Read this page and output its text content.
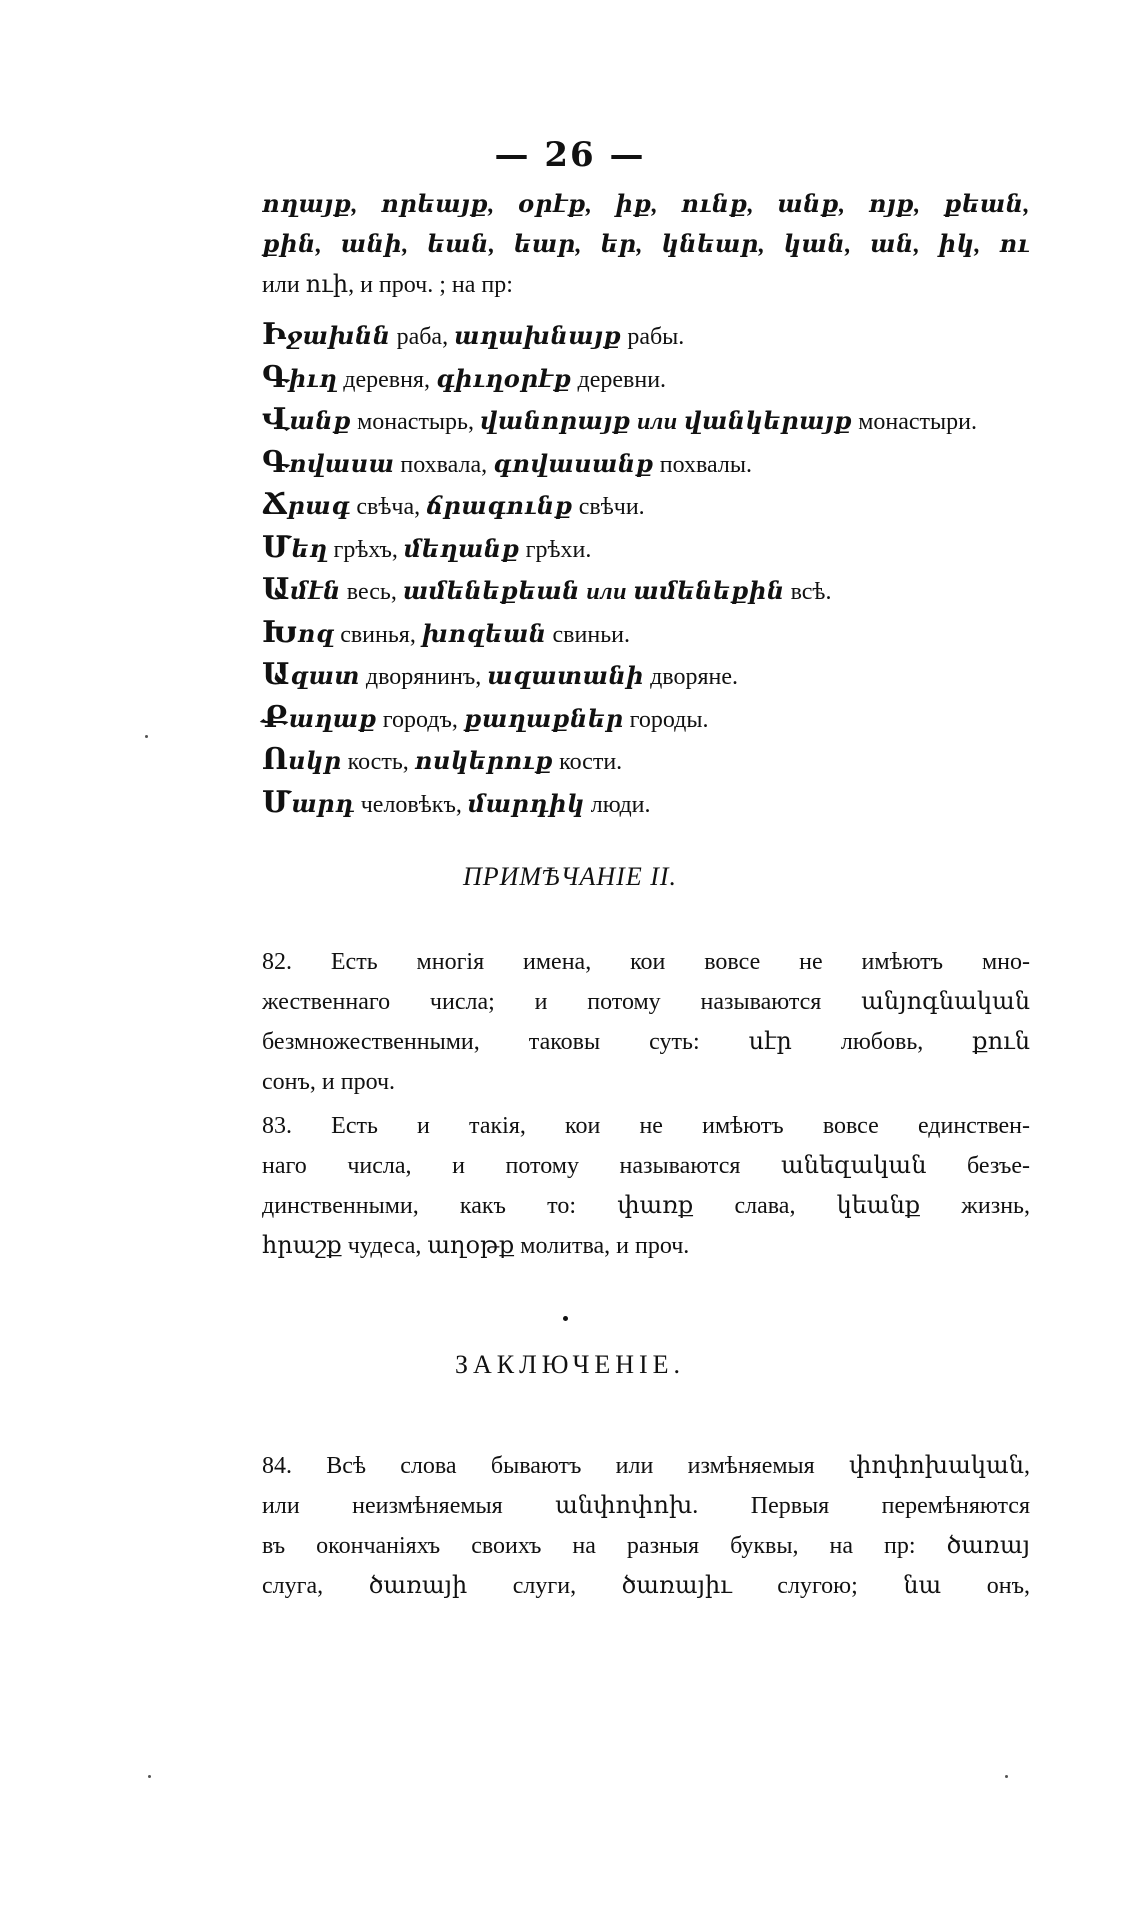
— 26 —
ողայք, որեայք, օրէք, իք, ունք, անք, ոյք, քեան,
քին, անի, եան, եար, եր, կնեար, կան, ան, իկ, ու
или ուի, и проч. ; на пр:
Իջախնն раба, աղախնայք рабы.
Գիւղ деревня, գիւղօրէք деревни.
Վանք монастырь, վանորայք или վանկերայք монастыри.
Գովասա похвала, գովասանք похвалы.
Ճրագ свѣча, ճրագունք свѣчи.
Մեղ грѣхъ, մեղանք грѣхи.
Ամէն весь, ամենեքեան или ամենեքին всѣ.
Խոզ свинья, խոզեան свиньи.
Ազատ дворянинъ, ազատանի дворяне.
Քաղաք городъ, քաղաքներ городы.
Ոսկր кость, ոսկերուք кости.
Մարդ человѣкъ, մարդիկ люди.
ПРИМѢЧАНІЕ II.
82. Есть многія имена, кои вовсе не имѣютъ мно-
жественнаго числа; и потому называются անյոգնական
безмножественными, таковы суть: սէր любовь, քուն
сонъ, и проч.
83. Есть и такія, кои не имѣютъ вовсе единствен-
наго числа, и потому называются անեզական безъе-
динственными, какъ то: փառք слава, կեանք жизнь,
հրաշք чудеса, աղօթք молитва, и проч.
ЗАКЛЮЧЕНІЕ.
84. Всѣ слова бываютъ или измѣняемыя փոփոխական,
или неизмѣняемыя անփոփոխ. Первыя перемѣняются
въ окончаніяхъ своихъ на разныя буквы, на пр: ծառայ
слуга, ծառայի слуги, ծառայիւ слугою; նա онъ,
